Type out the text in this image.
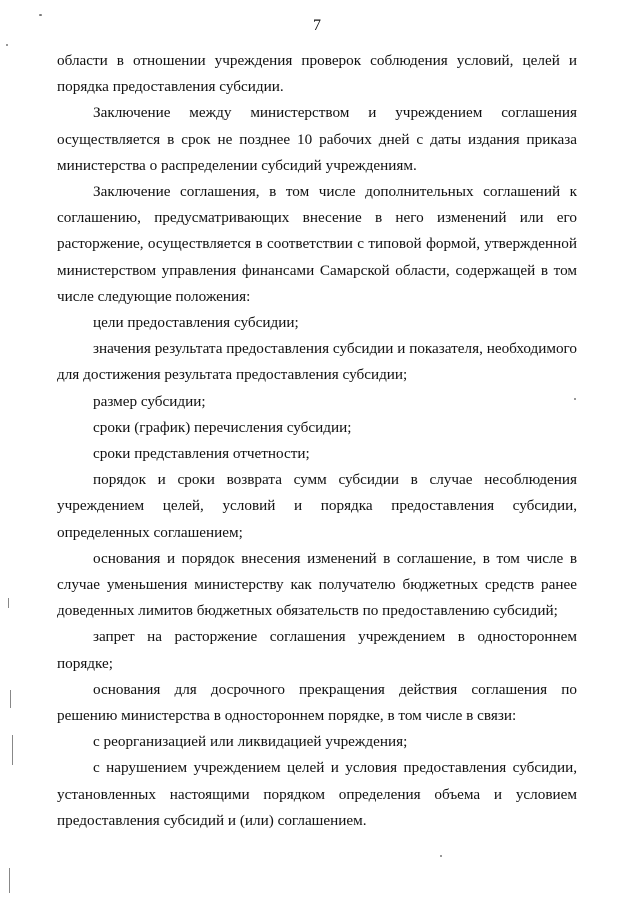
7

области в отношении учреждения проверок соблюдения условий, целей и порядка предоставления субсидии.

Заключение между министерством и учреждением соглашения осуществляется в срок не позднее 10 рабочих дней с даты издания приказа министерства о распределении субсидий учреждениям.

Заключение соглашения, в том числе дополнительных соглашений к соглашению, предусматривающих внесение в него изменений или его расторжение, осуществляется в соответствии с типовой формой, утвержденной министерством управления финансами Самарской области, содержащей в том числе следующие положения:

цели предоставления субсидии;

значения результата предоставления субсидии и показателя, необходимого для достижения результата предоставления субсидии;

размер субсидии;

сроки (график) перечисления субсидии;

сроки представления отчетности;

порядок и сроки возврата сумм субсидии в случае несоблюдения учреждением целей, условий и порядка предоставления субсидии, определенных соглашением;

основания и порядок внесения изменений в соглашение, в том числе в случае уменьшения министерству как получателю бюджетных средств ранее доведенных лимитов бюджетных обязательств по предоставлению субсидий;

запрет на расторжение соглашения учреждением в одностороннем порядке;

основания для досрочного прекращения действия соглашения по решению министерства в одностороннем порядке, в том числе в связи:

с реорганизацией или ликвидацией учреждения;

с нарушением учреждением целей и условия предоставления субсидии, установленных настоящими порядком определения объема и условием предоставления субсидий и (или) соглашением.
